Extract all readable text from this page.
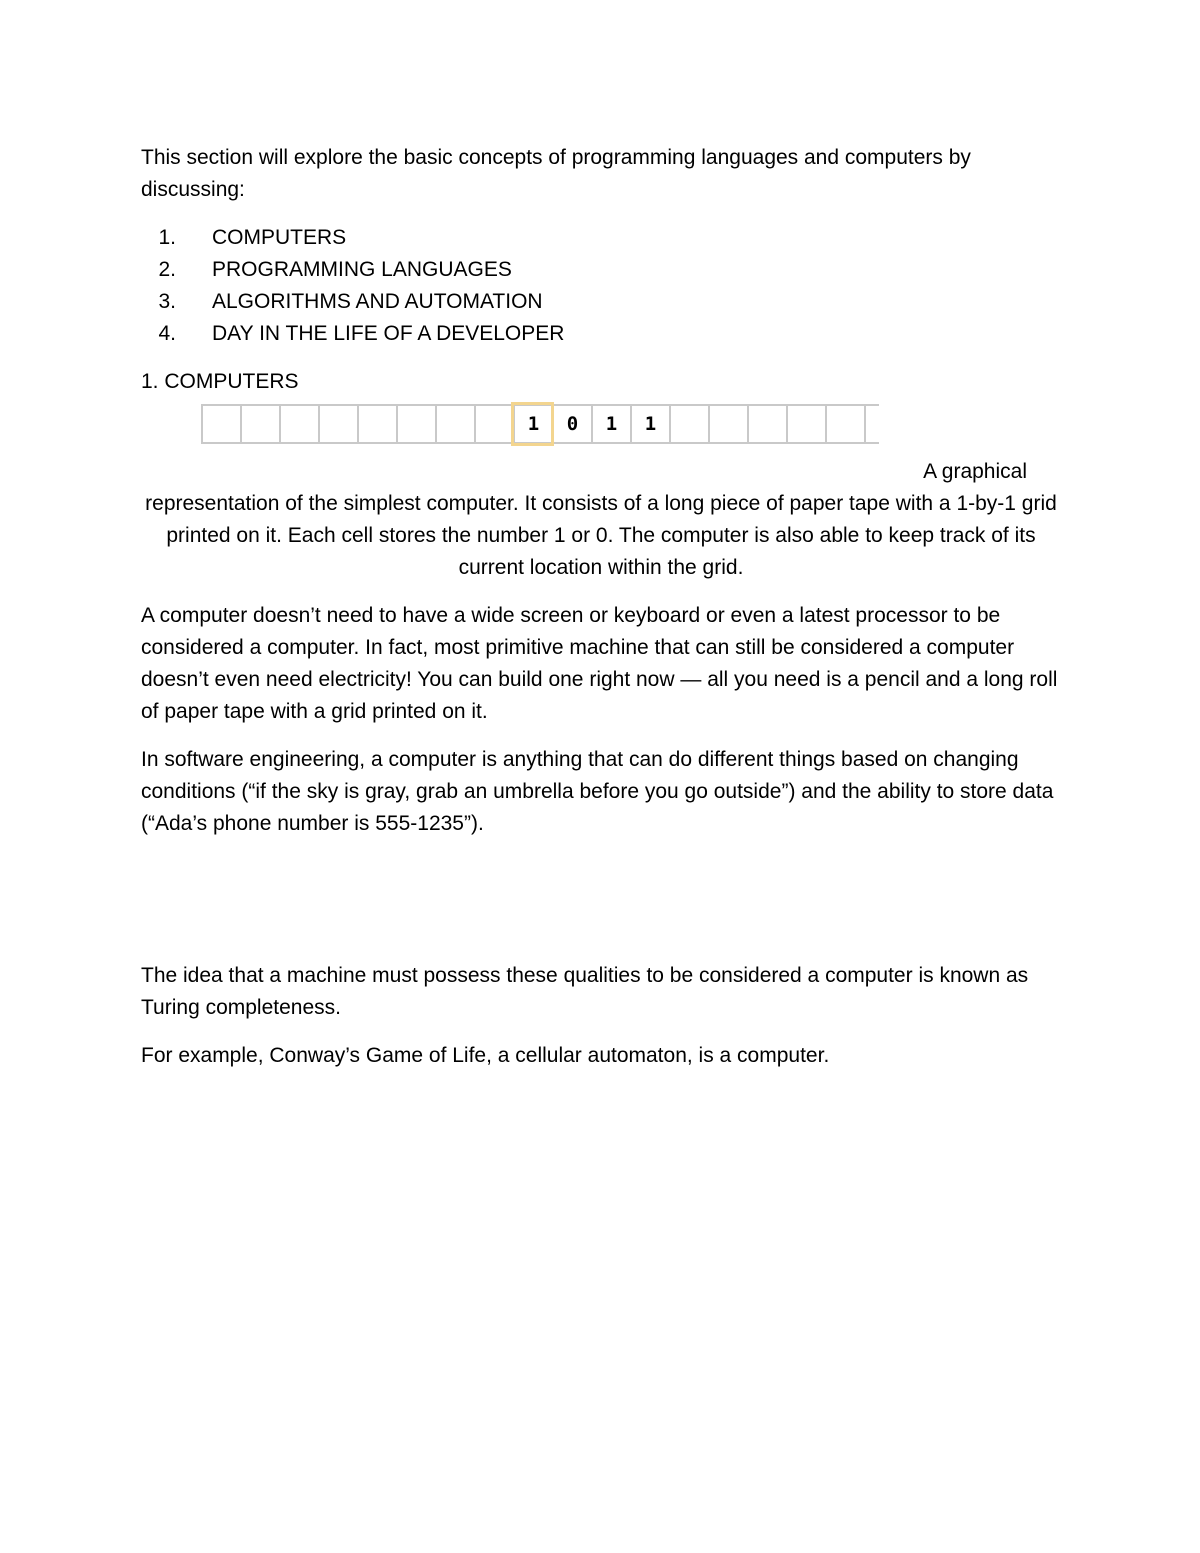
This section will explore the basic concepts of programming languages and computers by discussing:

1.	COMPUTERS
2.	PROGRAMMING LANGUAGES
3.	ALGORITHMS AND AUTOMATION
4.	DAY IN THE LIFE OF A DEVELOPER

1. COMPUTERS

1	0	1	1

A graphical
representation of the simplest computer. It consists of a long piece of paper tape with a 1-by-1 grid printed on it. Each cell stores the number 1 or 0. The computer is also able to keep track of its current location within the grid.

A computer doesn’t need to have a wide screen or keyboard or even a latest processor to be considered a computer. In fact, most primitive machine that can still be considered a computer doesn’t even need electricity! You can build one right now — all you need is a pencil and a long roll of paper tape with a grid printed on it.

In software engineering, a computer is anything that can do different things based on changing conditions (“if the sky is gray, grab an umbrella before you go outside”) and the ability to store data (“Ada’s phone number is 555-1235”).

The idea that a machine must possess these qualities to be considered a computer is known as Turing completeness.

For example, Conway’s Game of Life, a cellular automaton, is a computer.
